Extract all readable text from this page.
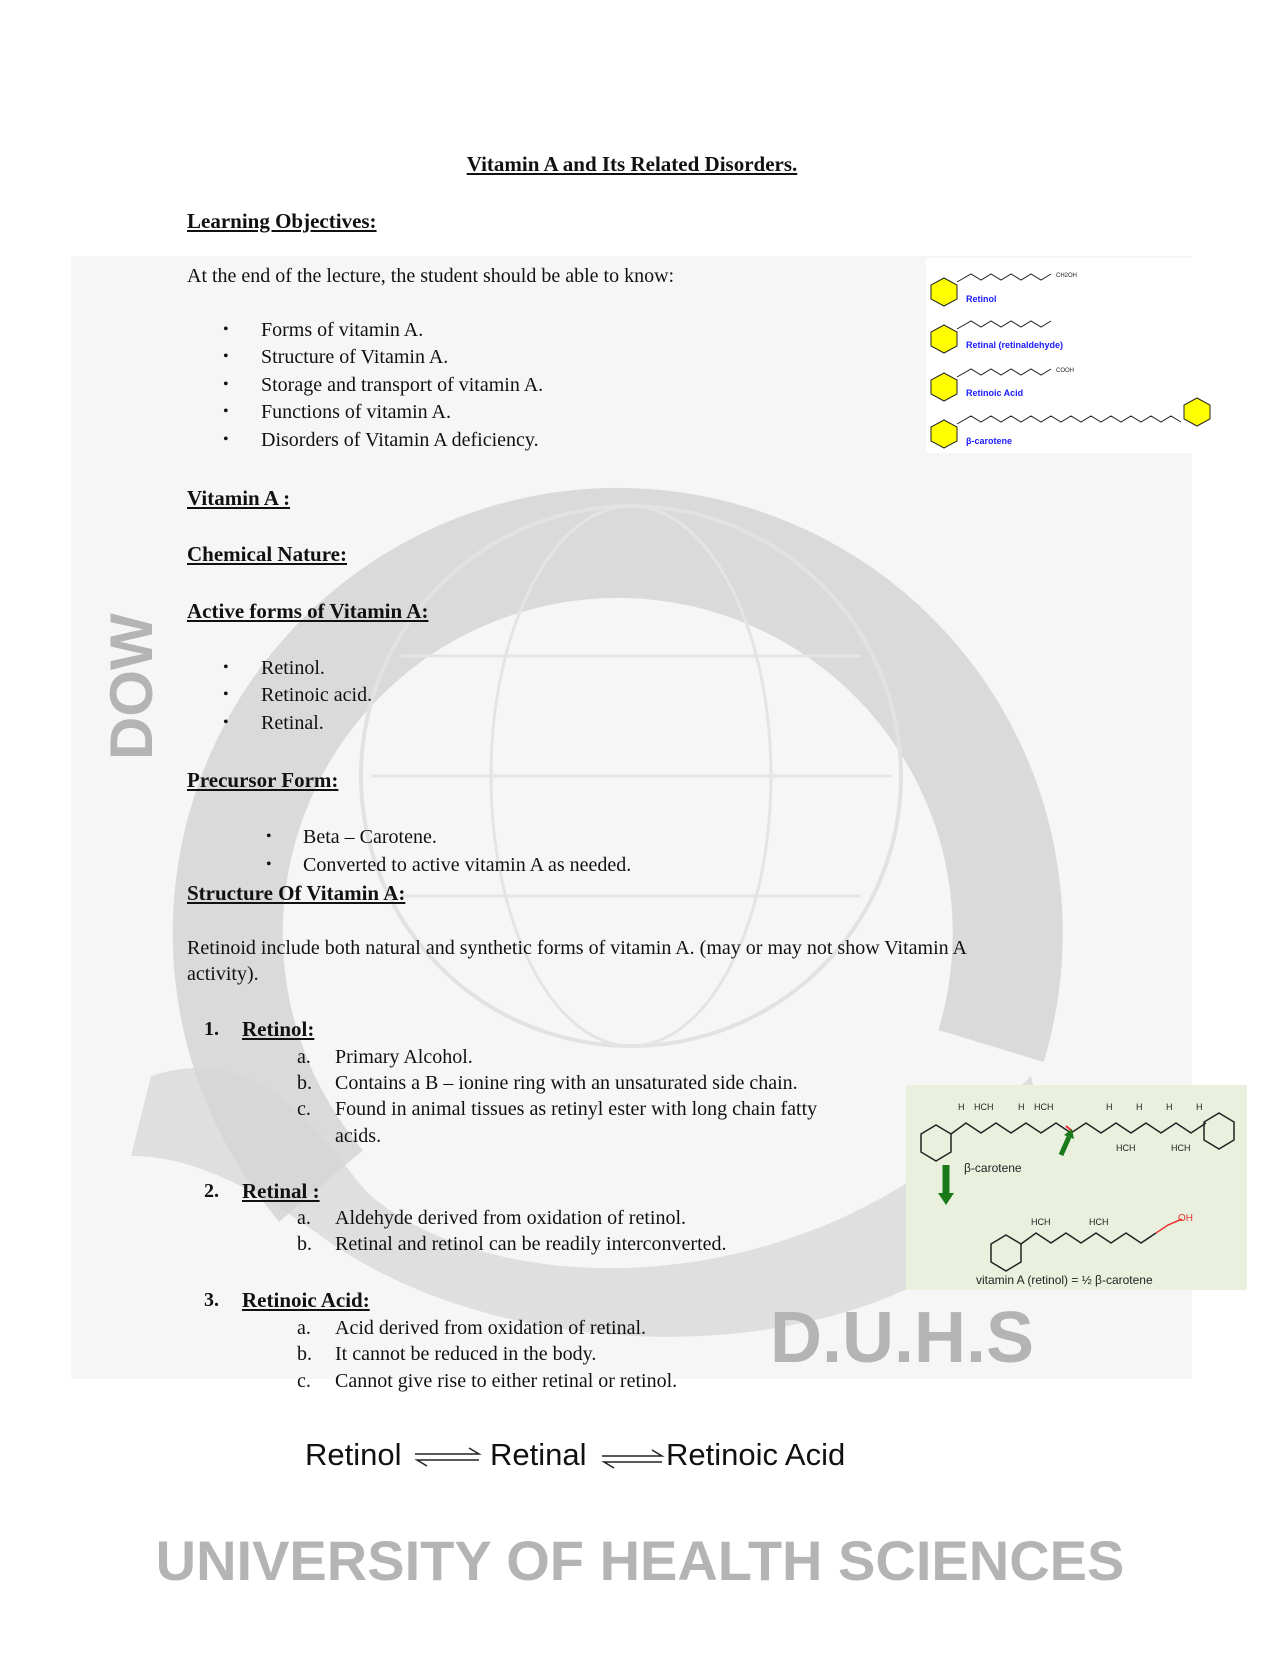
DOW
D.U.H.S
UNIVERSITY OF HEALTH SCIENCES
Vitamin A and Its Related Disorders.
Learning Objectives:
At the end of the lecture, the student should be able to know:
• Forms of vitamin A.
• Structure of Vitamin A.
• Storage and transport of vitamin A.
• Functions of vitamin A.
• Disorders of Vitamin A deficiency.
Vitamin A :
Chemical Nature:
Active forms of Vitamin A:
• Retinol.
• Retinoic acid.
• Retinal.
Precursor Form:
• Beta – Carotene.
• Converted to active vitamin A as needed.
Structure Of Vitamin A:
Retinoid include both natural and synthetic forms of vitamin A. (may or may not show Vitamin A
activity).
1. Retinol:
a. Primary Alcohol.
b. Contains a B – ionine ring with an unsaturated side chain.
c. Found in animal tissues as retinyl ester with long chain fatty
acids.
2. Retinal :
a. Aldehyde derived from oxidation of retinol.
b. Retinal and retinol can be readily interconverted.
3. Retinoic Acid:
a. Acid derived from oxidation of retinal.
b. It cannot be reduced in the body.
c. Cannot give rise to either retinal or retinol.
CH2OH
COOH
Retinol
Retinal (retinaldehyde)
Retinoic Acid
β-carotene
HCH	HCH
HCH	HCH
HCH	HCH
H	H	H	H	H	H
OH
β-carotene
vitamin A (retinol) = ½ β-carotene
Retinol	Retinal	Retinoic Acid
